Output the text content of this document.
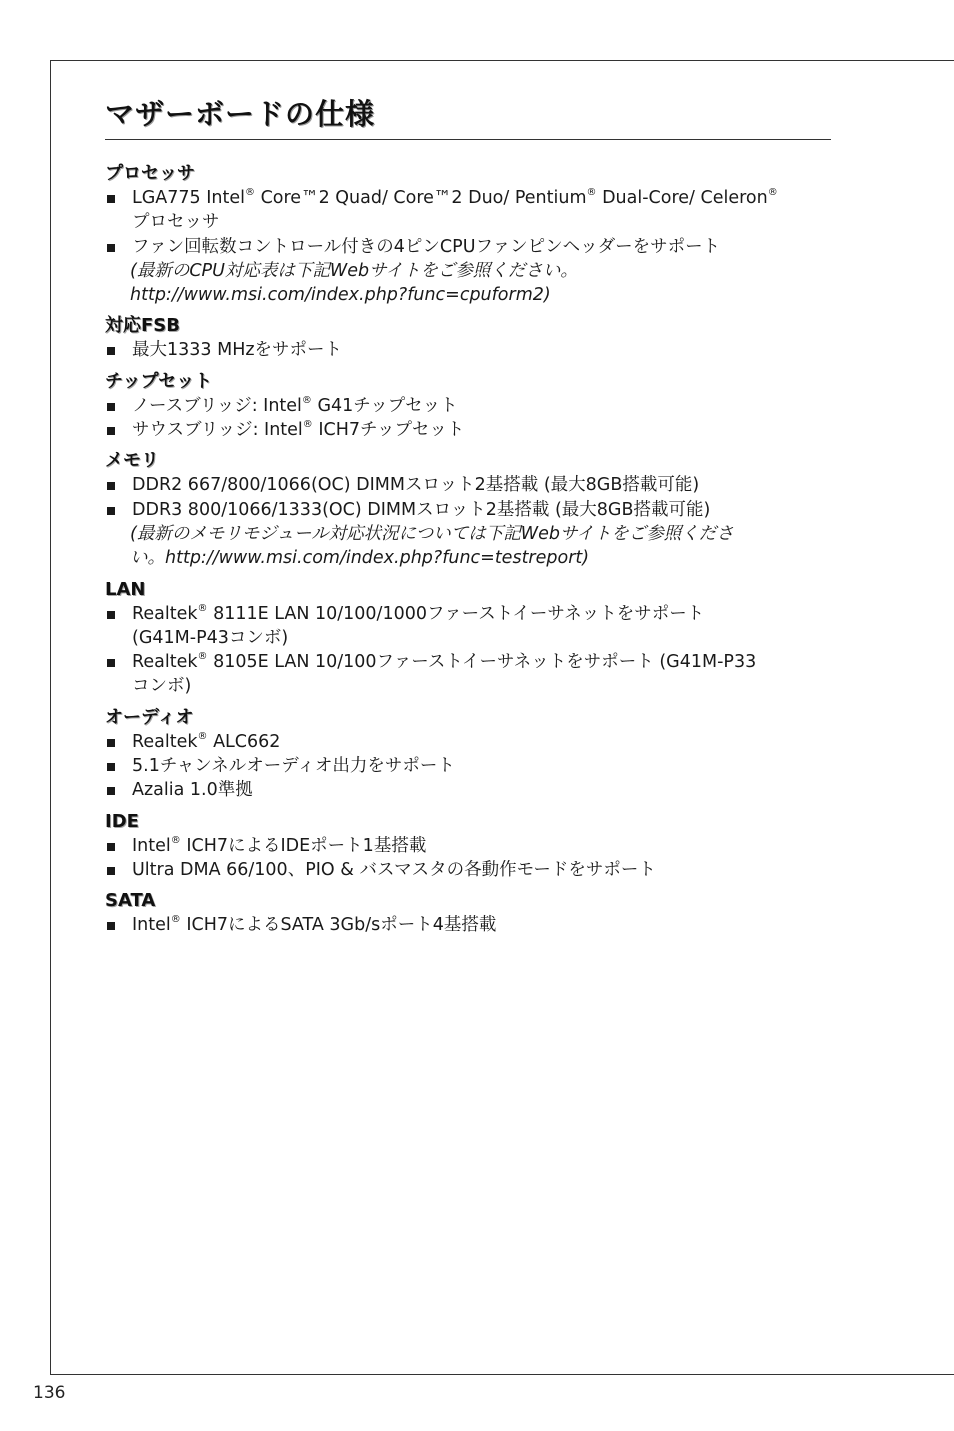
136
マザーボードの仕様
プロセッサ
LGA775 Intel® Core™2 Quad/ Core™2 Duo/ Pentium® Dual-Core/ Celeron®
プロセッサ
ファン回転数コントロール付きの4ピンCPUファンピンヘッダーをサポート
(最新のCPU対応表は下記Webサイトをご参照ください。
http://www.msi.com/index.php?func=cpuform2)
対応FSB
最大1333 MHzをサポート
チップセット
ノースブリッジ: Intel® G41チップセット
サウスブリッジ: Intel® ICH7チップセット
メモリ
DDR2 667/800/1066(OC) DIMMスロット2基搭載 (最大8GB搭載可能)
DDR3 800/1066/1333(OC) DIMMスロット2基搭載 (最大8GB搭載可能)
(最新のメモリモジュール対応状況については下記Webサイトをご参照くださ
い。http://www.msi.com/index.php?func=testreport)
LAN
Realtek® 8111E LAN 10/100/1000ファーストイーサネットをサポート
(G41M-P43コンボ)
Realtek® 8105E LAN 10/100ファーストイーサネットをサポート (G41M-P33
コンボ)
オーディオ
Realtek® ALC662
5.1チャンネルオーディオ出力をサポート
Azalia 1.0準拠
IDE
Intel® ICH7によるIDEポート1基搭載
Ultra DMA 66/100、PIO & バスマスタの各動作モードをサポート
SATA
Intel® ICH7によるSATA 3Gb/sポート4基搭載
